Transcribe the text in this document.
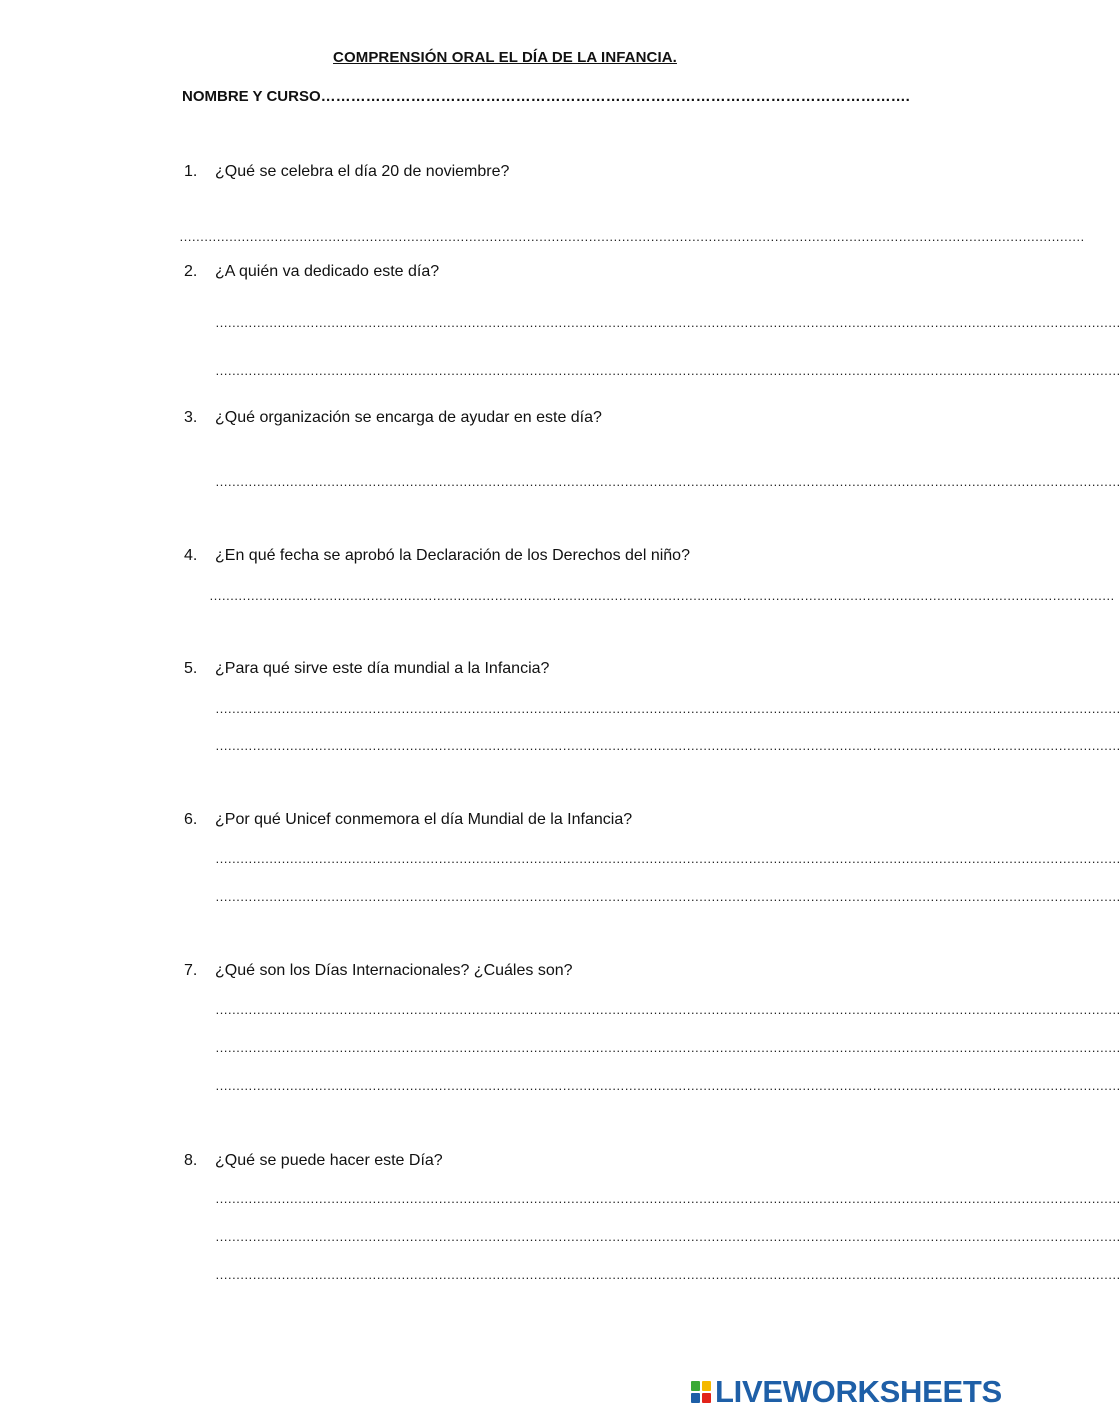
COMPRENSIÓN ORAL EL DÍA DE LA INFANCIA.
NOMBRE Y CURSO……………………………………………………………………………………………………….
1. ¿Qué se celebra el día 20 de noviembre?
…………………………………………………………………………………………………………………………………………………………………………………………………
2. ¿A quién va dedicado este día?
…………………………………………………………………………………………………………………………………………………………………………………………………
…………………………………………………………………………………………………………………………………………………………………………………………………
3. ¿Qué organización se encarga de ayudar en este día?
…………………………………………………………………………………………………………………………………………………………………………………………………
4. ¿En qué fecha se aprobó la Declaración de los Derechos del niño?
…………………………………………………………………………………………………………………………………………………………………………………………………
5. ¿Para qué sirve este día mundial a la Infancia?
…………………………………………………………………………………………………………………………………………………………………………………………………
…………………………………………………………………………………………………………………………………………………………………………………………………
6. ¿Por qué Unicef conmemora el día Mundial de la Infancia?
…………………………………………………………………………………………………………………………………………………………………………………………………
…………………………………………………………………………………………………………………………………………………………………………………………………
7. ¿Qué son los Días Internacionales? ¿Cuáles son?
…………………………………………………………………………………………………………………………………………………………………………………………………
…………………………………………………………………………………………………………………………………………………………………………………………………
…………………………………………………………………………………………………………………………………………………………………………………………………
8. ¿Qué se puede hacer este Día?
…………………………………………………………………………………………………………………………………………………………………………………………………
…………………………………………………………………………………………………………………………………………………………………………………………………
…………………………………………………………………………………………………………………………………………………………………………………………………
LIVEWORKSHEETS
